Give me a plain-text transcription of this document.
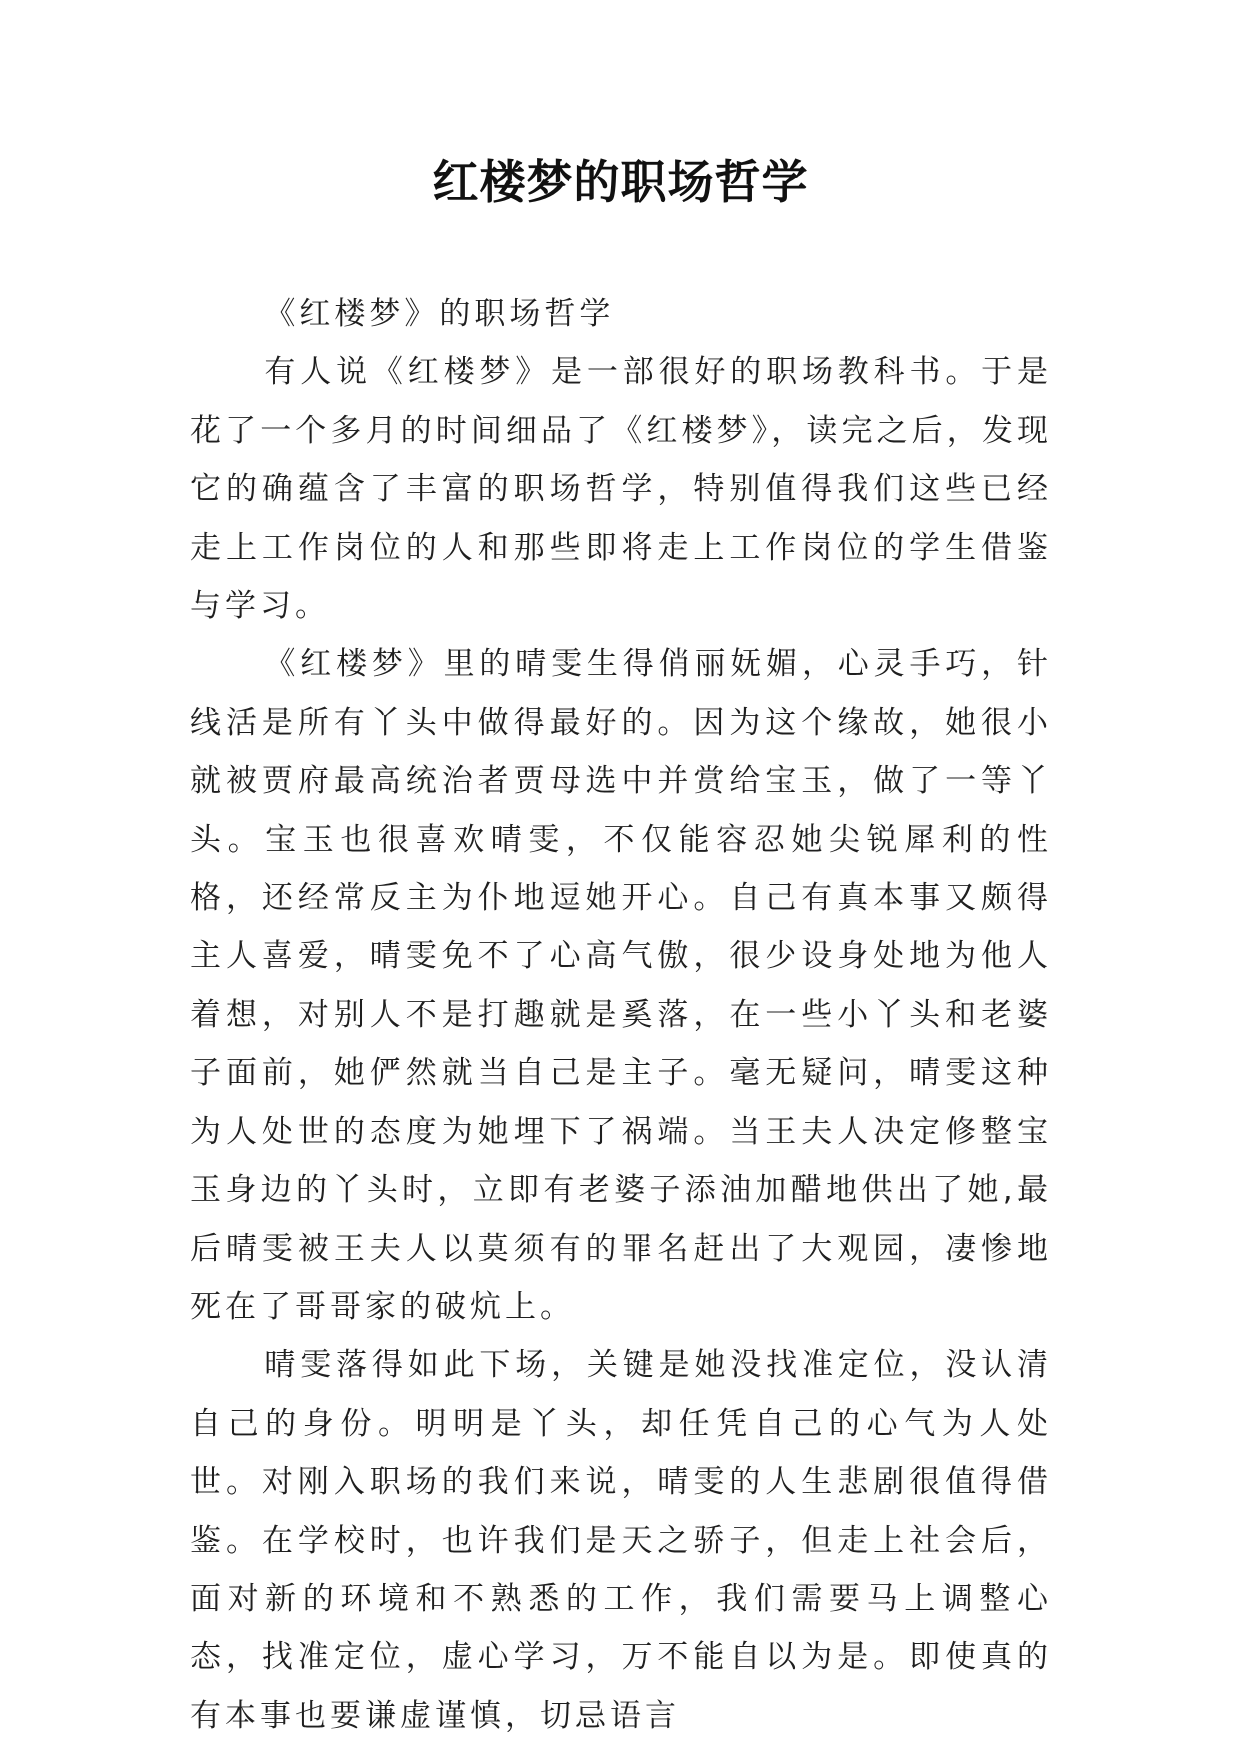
红楼梦的职场哲学

《红楼梦》的职场哲学

有人说《红楼梦》是一部很好的职场教科书。于是花了一个多月的时间细品了《红楼梦》，读完之后，发现它的确蕴含了丰富的职场哲学，特别值得我们这些已经走上工作岗位的人和那些即将走上工作岗位的学生借鉴与学习。

《红楼梦》里的晴雯生得俏丽妩媚，心灵手巧，针线活是所有丫头中做得最好的。因为这个缘故，她很小就被贾府最高统治者贾母选中并赏给宝玉，做了一等丫头。宝玉也很喜欢晴雯，不仅能容忍她尖锐犀利的性格，还经常反主为仆地逗她开心。自己有真本事又颇得主人喜爱，晴雯免不了心高气傲，很少设身处地为他人着想，对别人不是打趣就是奚落，在一些小丫头和老婆子面前，她俨然就当自己是主子。毫无疑问，晴雯这种为人处世的态度为她埋下了祸端。当王夫人决定修整宝玉身边的丫头时，立即有老婆子添油加醋地供出了她,最后晴雯被王夫人以莫须有的罪名赶出了大观园，凄惨地死在了哥哥家的破炕上。

晴雯落得如此下场，关键是她没找准定位，没认清自己的身份。明明是丫头，却任凭自己的心气为人处世。对刚入职场的我们来说，晴雯的人生悲剧很值得借鉴。在学校时，也许我们是天之骄子，但走上社会后，面对新的环境和不熟悉的工作，我们需要马上调整心态，找准定位，虚心学习，万不能自以为是。即使真的有本事也要谦虚谨慎，切忌语言
